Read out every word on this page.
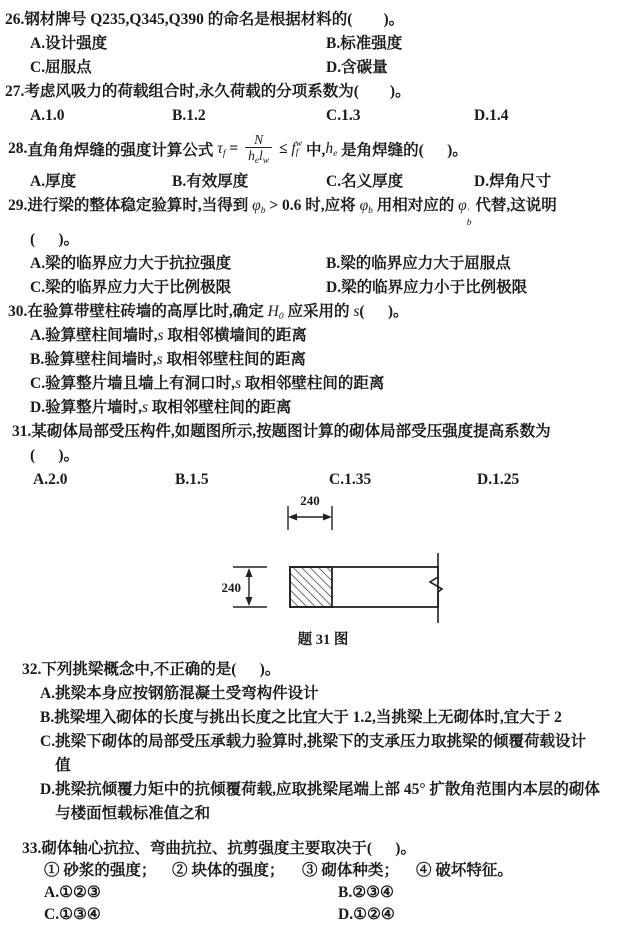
26. 钢材牌号 Q235,Q345,Q390 的命名是根据材料的(        )。
A.设计强度	B.标准强度
C.屈服点	D.含碳量
27. 考虑风吸力的荷载组合时,永久荷载的分项系数为(        )。
A.1.0	B.1.2	C.1.3	D.1.4
28. 直角角焊缝的强度计算公式 $\tau_f = \frac{N}{h_el_w} \le f$ w
f 中, $h_e$ 是角焊缝的(      )。
A.厚度	B.有效厚度	C.名义厚度	D.焊角尺寸
29. 进行梁的整体稳定验算时,当得到 $\varphi_b > 0.6$ 时,应将 $\varphi_b$ 用相对应的 φ ′
b
代替,这说明
(      )。
A.梁的临界应力大于抗拉强度	B.梁的临界应力大于屈服点
C.梁的临界应力大于比例极限	D.梁的临界应力小于比例极限
30. 在验算带壁柱砖墙的高厚比时,确定 $H_0$ 应采用的 s(      )。
A.验算壁柱间墙时,s 取相邻横墙间的距离
B.验算壁柱间墙时,s 取相邻壁柱间的距离
C.验算整片墙且墙上有洞口时,s 取相邻壁柱间的距离
D.验算整片墙时,s 取相邻壁柱间的距离
31. 某砌体局部受压构件,如题图所示,按题图计算的砌体局部受压强度提高系数为
(      )。
A.2.0	B.1.5	C.1.35	D.1.25
240
240
题 31 图
32. 下列挑梁概念中,不正确的是(      )。
A. 挑梁本身应按钢筋混凝土受弯构件设计
B. 挑梁埋入砌体的长度与挑出长度之比宜大于 1.2,当挑梁上无砌体时,宜大于 2
C. 挑梁下砌体的局部受压承载力验算时,挑梁下的支承压力取挑梁的倾覆荷载设计
值
D. 挑梁抗倾覆力矩中的抗倾覆荷载,应取挑梁尾端上部 45° 扩散角范围内本层的砌体
与楼面恒载标准值之和
33. 砌体轴心抗拉、弯曲抗拉、抗剪强度主要取决于(      )。
① 砂浆的强度；	② 块体的强度；	③ 砌体种类；	④ 破坏特征。
A.①②③	B.②③④
C.①③④	D.①②④
